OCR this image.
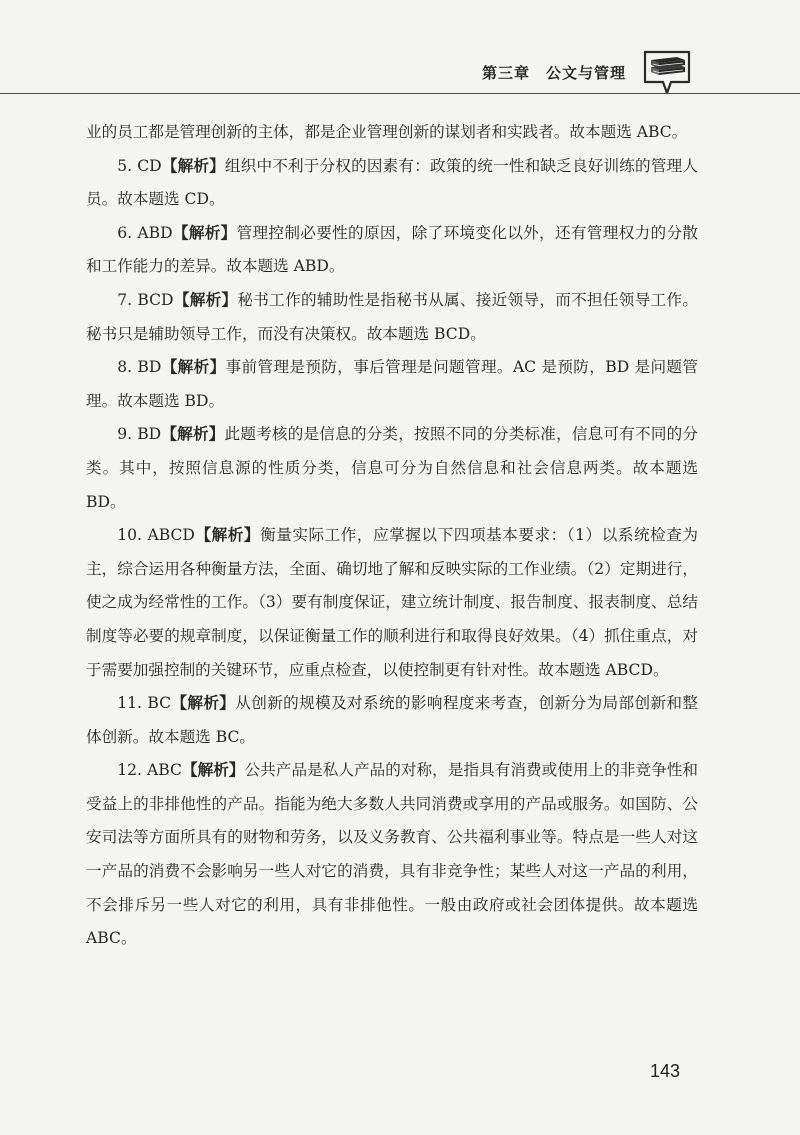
第三章　公文与管理

业的员工都是管理创新的主体，都是企业管理创新的谋划者和实践者。故本题选 ABC。

5. CD【解析】组织中不利于分权的因素有：政策的统一性和缺乏良好训练的管理人员。故本题选 CD。

6. ABD【解析】管理控制必要性的原因，除了环境变化以外，还有管理权力的分散和工作能力的差异。故本题选 ABD。

7. BCD【解析】秘书工作的辅助性是指秘书从属、接近领导，而不担任领导工作。秘书只是辅助领导工作，而没有决策权。故本题选 BCD。

8. BD【解析】事前管理是预防，事后管理是问题管理。AC 是预防，BD 是问题管理。故本题选 BD。

9. BD【解析】此题考核的是信息的分类，按照不同的分类标准，信息可有不同的分类。其中，按照信息源的性质分类，信息可分为自然信息和社会信息两类。故本题选 BD。

10. ABCD【解析】衡量实际工作，应掌握以下四项基本要求：（1）以系统检查为主，综合运用各种衡量方法，全面、确切地了解和反映实际的工作业绩。（2）定期进行，使之成为经常性的工作。（3）要有制度保证，建立统计制度、报告制度、报表制度、总结制度等必要的规章制度，以保证衡量工作的顺利进行和取得良好效果。（4）抓住重点，对于需要加强控制的关键环节，应重点检查，以使控制更有针对性。故本题选 ABCD。

11. BC【解析】从创新的规模及对系统的影响程度来考查，创新分为局部创新和整体创新。故本题选 BC。

12. ABC【解析】公共产品是私人产品的对称，是指具有消费或使用上的非竞争性和受益上的非排他性的产品。指能为绝大多数人共同消费或享用的产品或服务。如国防、公安司法等方面所具有的财物和劳务，以及义务教育、公共福利事业等。特点是一些人对这一产品的消费不会影响另一些人对它的消费，具有非竞争性；某些人对这一产品的利用，不会排斥另一些人对它的利用，具有非排他性。一般由政府或社会团体提供。故本题选 ABC。

143
